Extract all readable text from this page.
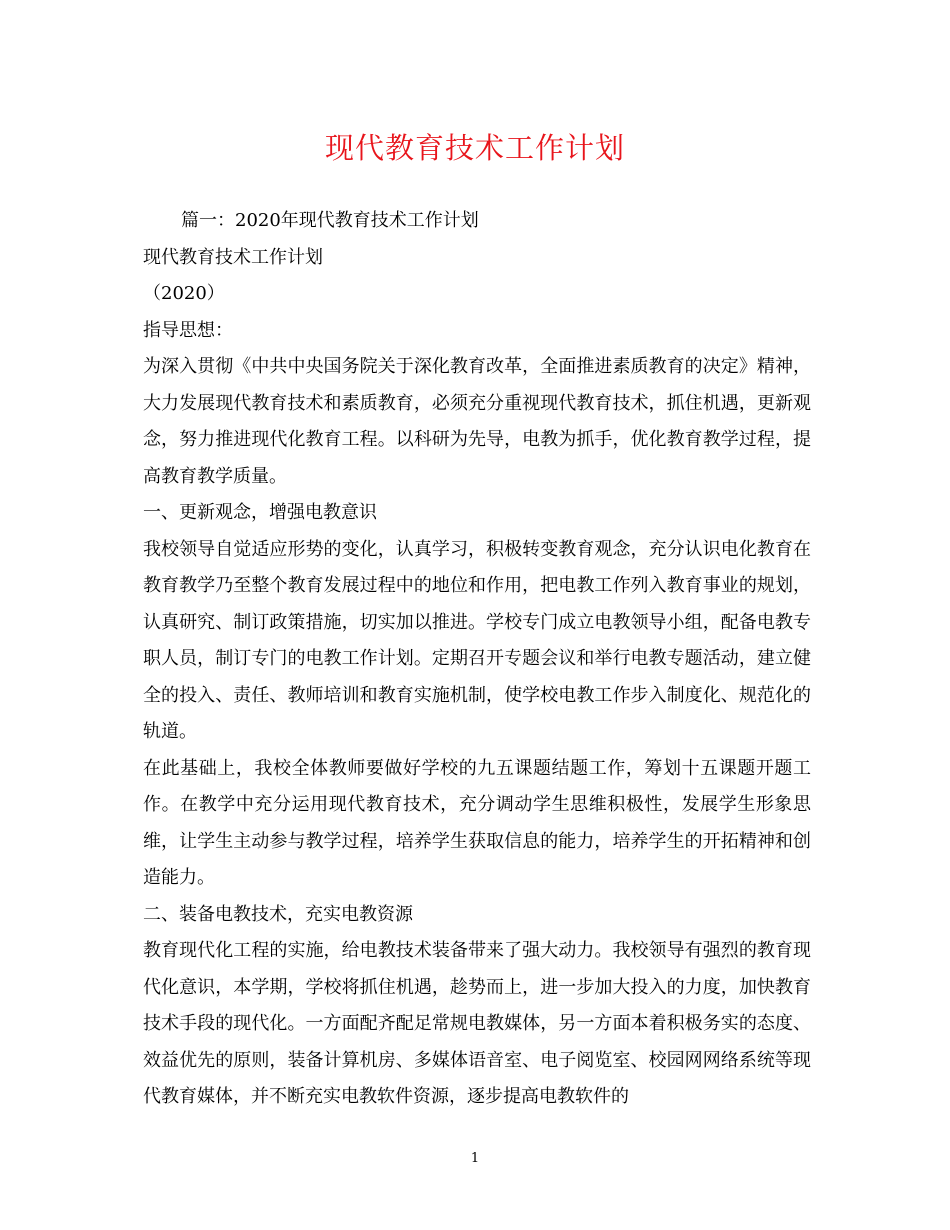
现代教育技术工作计划

篇一：2020年现代教育技术工作计划

现代教育技术工作计划

（2020）

指导思想：

为深入贯彻《中共中央国务院关于深化教育改革，全面推进素质教育的决定》精神，大力发展现代教育技术和素质教育，必须充分重视现代教育技术，抓住机遇，更新观念，努力推进现代化教育工程。以科研为先导，电教为抓手，优化教育教学过程，提高教育教学质量。

一、更新观念，增强电教意识

我校领导自觉适应形势的变化，认真学习，积极转变教育观念，充分认识电化教育在教育教学乃至整个教育发展过程中的地位和作用，把电教工作列入教育事业的规划，认真研究、制订政策措施，切实加以推进。学校专门成立电教领导小组，配备电教专职人员，制订专门的电教工作计划。定期召开专题会议和举行电教专题活动，建立健全的投入、责任、教师培训和教育实施机制，使学校电教工作步入制度化、规范化的轨道。

在此基础上，我校全体教师要做好学校的九五课题结题工作，筹划十五课题开题工作。在教学中充分运用现代教育技术，充分调动学生思维积极性，发展学生形象思维，让学生主动参与教学过程，培养学生获取信息的能力，培养学生的开拓精神和创造能力。

二、装备电教技术，充实电教资源

教育现代化工程的实施，给电教技术装备带来了强大动力。我校领导有强烈的教育现代化意识，本学期，学校将抓住机遇，趁势而上，进一步加大投入的力度，加快教育技术手段的现代化。一方面配齐配足常规电教媒体，另一方面本着积极务实的态度、效益优先的原则，装备计算机房、多媒体语音室、电子阅览室、校园网网络系统等现代教育媒体，并不断充实电教软件资源，逐步提高电教软件的

1
